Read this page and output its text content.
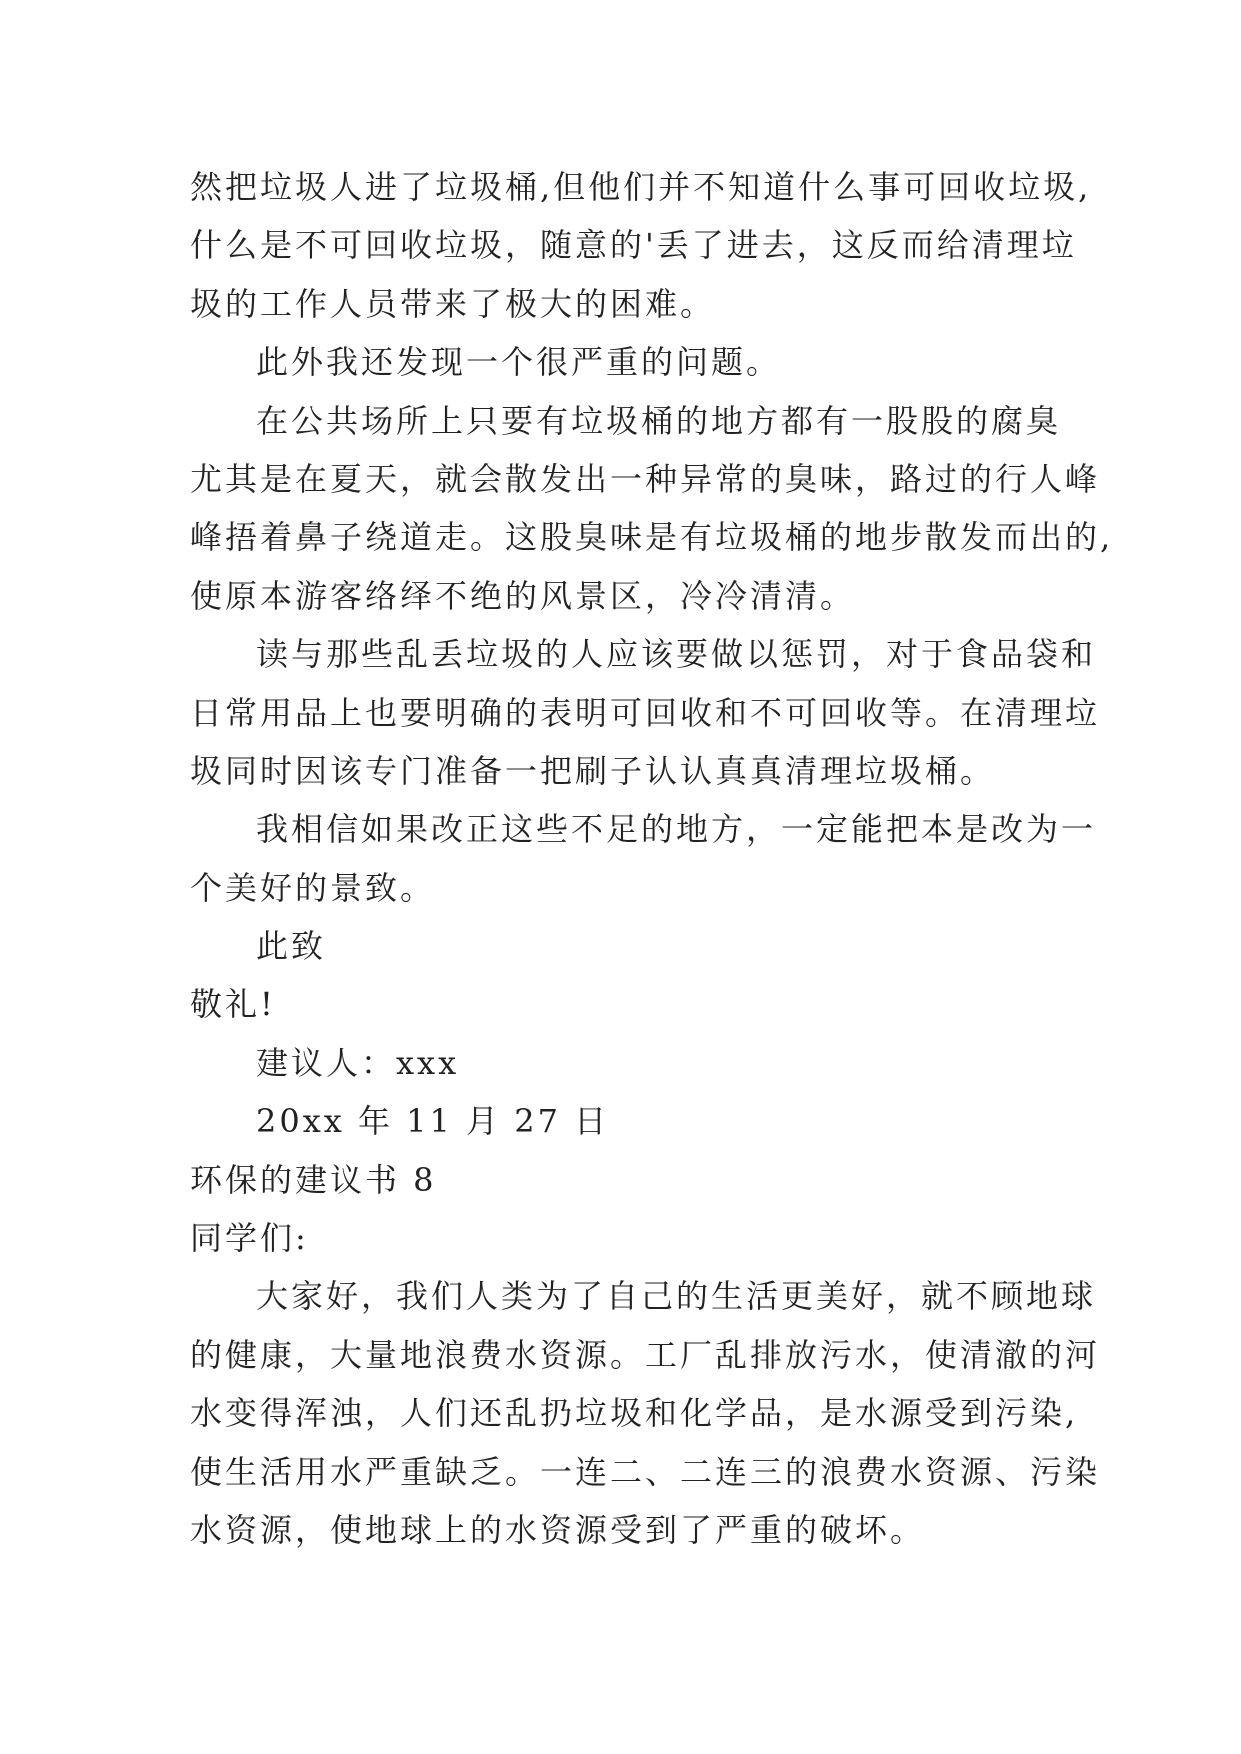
然把垃圾人进了垃圾桶,但他们并不知道什么事可回收垃圾,
什么是不可回收垃圾，随意的'丢了进去，这反而给清理垃
圾的工作人员带来了极大的困难。
此外我还发现一个很严重的问题。
在公共场所上只要有垃圾桶的地方都有一股股的腐臭
尤其是在夏天，就会散发出一种异常的臭味，路过的行人峰
峰捂着鼻子绕道走。这股臭味是有垃圾桶的地步散发而出的,
使原本游客络绎不绝的风景区，冷冷清清。
读与那些乱丢垃圾的人应该要做以惩罚，对于食品袋和
日常用品上也要明确的表明可回收和不可回收等。在清理垃
圾同时因该专门准备一把刷子认认真真清理垃圾桶。
我相信如果改正这些不足的地方，一定能把本是改为一
个美好的景致。
此致
敬礼!
建议人：xxx
20xx 年 11 月 27 日
环保的建议书 8
同学们:
大家好，我们人类为了自己的生活更美好，就不顾地球
的健康，大量地浪费水资源。工厂乱排放污水，使清澈的河
水变得浑浊，人们还乱扔垃圾和化学品，是水源受到污染,
使生活用水严重缺乏。一连二、二连三的浪费水资源、污染
水资源，使地球上的水资源受到了严重的破坏。
